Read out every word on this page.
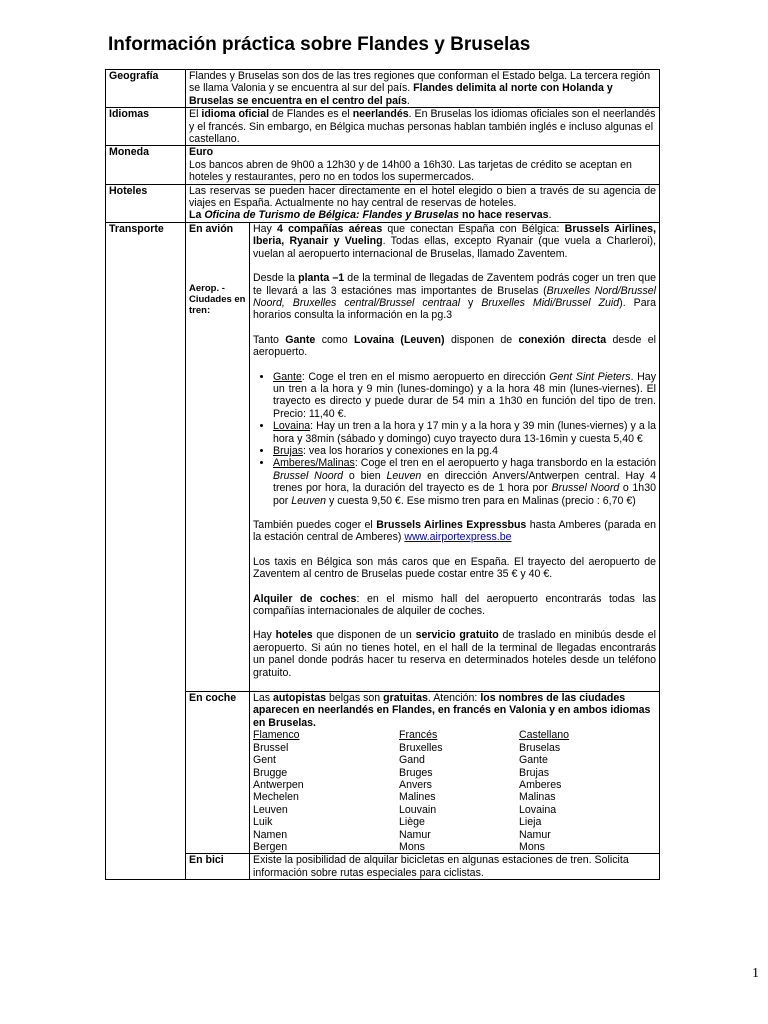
Información práctica sobre Flandes y Bruselas
Geografía	Flandes y Bruselas son dos de las tres regiones que conforman el Estado belga. La tercera región se llama Valonia y se encuentra al sur del país. Flandes delimita al norte con Holanda y Bruselas se encuentra en el centro del país.
Idiomas	El idioma oficial de Flandes es el neerlandés. En Bruselas los idiomas oficiales son el neerlandés y el francés. Sin embargo, en Bélgica muchas personas hablan también inglés e incluso algunas el castellano.
Moneda	Euro
Los bancos abren de 9h00 a 12h30 y de 14h00 a 16h30. Las tarjetas de crédito se aceptan en hoteles y restaurantes, pero no en todos los supermercados.
Hoteles	Las reservas se pueden hacer directamente en el hotel elegido o bien a través de su agencia de viajes en España. Actualmente no hay central de reservas de hoteles.
La Oficina de Turismo de Bélgica: Flandes y Bruselas no hace reservas.
Transporte	En avión
Aerop. - Ciudades en tren:

Hay 4 compañías aéreas que conectan España con Bélgica: Brussels Airlines, Iberia, Ryanair y Vueling. Todas ellas, excepto Ryanair (que vuela a Charleroi), vuelan al aeropuerto internacional de Bruselas, llamado Zaventem.

Desde la planta –1 de la terminal de llegadas de Zaventem podrás coger un tren que te llevará a las 3 estaciónes mas importantes de Bruselas (Bruxelles Nord/Brussel Noord, Bruxelles central/Brussel centraal y Bruxelles Midi/Brussel Zuid). Para horarios consulta la información en la pg.3

Tanto Gante como Lovaina (Leuven) disponen de conexión directa desde el aeropuerto.

• Gante: Coge el tren en el mismo aeropuerto en dirección Gent Sint Pieters. Hay un tren a la hora y 9 min (lunes-domingo) y a la hora 48 min (lunes-viernes). El trayecto es directo y puede durar de 54 min a 1h30 en función del tipo de tren. Precio: 11,40 €.
• Lovaina: Hay un tren a la hora y 17 min y a la hora y 39 min (lunes-viernes) y a la hora y 38min (sábado y domingo) cuyo trayecto dura 13-16min y cuesta 5,40 €
• Brujas: vea los horarios y conexiones en la pg.4
• Amberes/Malinas: Coge el tren en el aeropuerto y haga transbordo en la estación Brussel Noord o bien Leuven en dirección Anvers/Antwerpen central. Hay 4 trenes por hora, la duración del trayecto es de 1 hora por Brussel Noord o 1h30 por Leuven y cuesta 9,50 €. Ese mismo tren para en Malinas (precio : 6,70 €)

También puedes coger el Brussels Airlines Expressbus hasta Amberes (parada en la estación central de Amberes) www.airportexpress.be

Los taxis en Bélgica son más caros que en España. El trayecto del aeropuerto de Zaventem al centro de Bruselas puede costar entre 35 € y 40 €.

Alquiler de coches: en el mismo hall del aeropuerto encontrarás todas las compañías internacionales de alquiler de coches.

Hay hoteles que disponen de un servicio gratuito de traslado en minibús desde el aeropuerto. Si aún no tienes hotel, en el hall de la terminal de llegadas encontrarás un panel donde podrás hacer tu reserva en determinados hoteles desde un teléfono gratuito.

En coche	Las autopistas belgas son gratuitas. Atención: los nombres de las ciudades aparecen en neerlandés en Flandes, en francés en Valonia y en ambos idiomas en Bruselas.

Flamenco	Francés	Castellano
Brussel	Bruxelles	Bruselas
Gent	Gand	Gante
Brugge	Bruges	Brujas
Antwerpen	Anvers	Amberes
Mechelen	Malines	Malinas
Leuven	Louvain	Lovaina
Luik	Liège	Lieja
Namen	Namur	Namur
Bergen	Mons	Mons

En bici	Existe la posibilidad de alquilar bicicletas en algunas estaciones de tren. Solicita información sobre rutas especiales para ciclistas.
1
